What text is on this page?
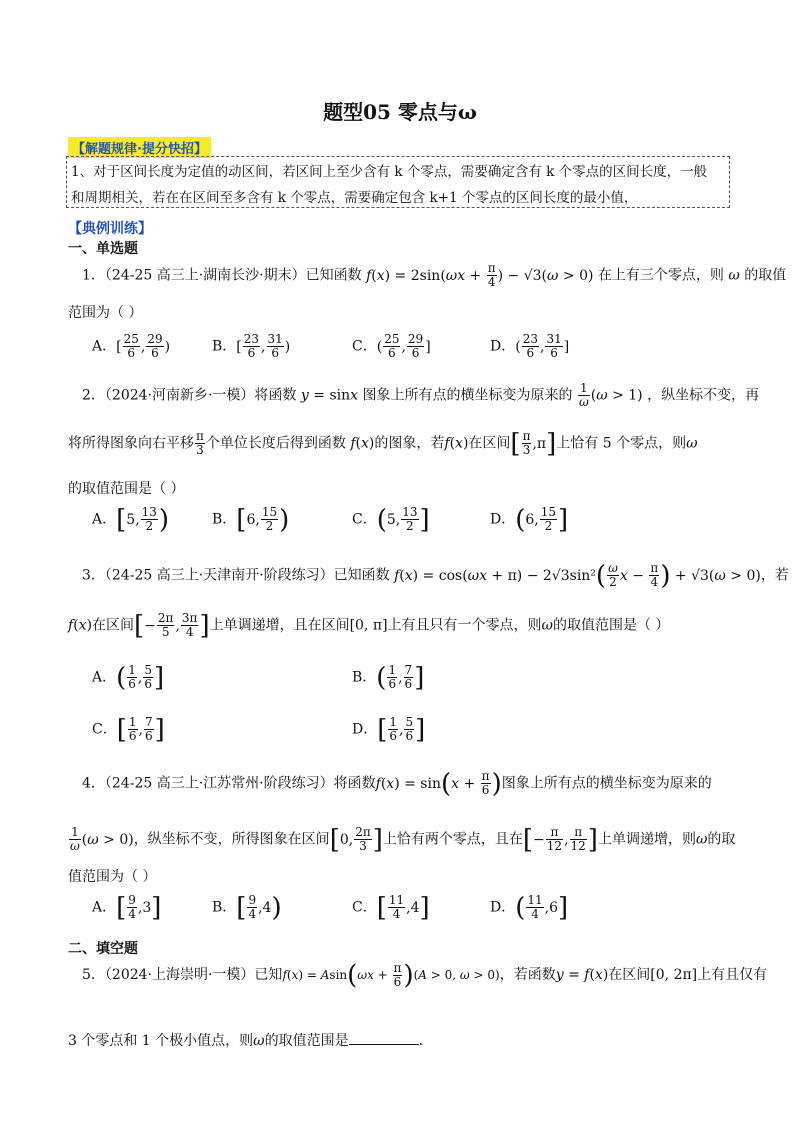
题型05 零点与ω
【解题规律·提分快招】
1、对于区间长度为定值的动区间，若区间上至少含有 k 个零点，需要确定含有 k 个零点的区间长度，一般
和周期相关，若在在区间至多含有 k 个零点，需要确定包含 k+1 个零点的区间长度的最小值，
【典例训练】
一、单选题
1．（24-25 高三上·湖南长沙·期末）已知函数 $f(x) = 2\sin(\omega x + \frac{\pi}{4}$ ) − √3(ω > 0) 在上有三个零点，则 ω 的取值
范围为（ ）
A．[ $\frac{25}{6}$ , $\frac{29}{6}$ )	B．[ $\frac{23}{6}$ , $\frac{31}{6}$ )	C．( $\frac{25}{6}$ , $\frac{29}{6}$ ]	D．( $\frac{23}{6}$ , $\frac{31}{6}$ ]
2．（2024·河南新乡·一模）将函数 y = sinx 图象上所有点的横坐标变为原来的 $\frac{1}{\omega} (\omega > 1)$ ，纵坐标不变，再
将所得图象向右平移 $\frac{\pi}{3}$ 个单位长度后得到函数 f(x)的图象，若f(x)在区间[ $\frac{\pi}{3} ,\pi$]上恰有 5 个零点，则ω
的取值范围是（ ）
A．[5, $\frac{13}{2}$ )	B．[6, $\frac{15}{2}$ )	C．(5, $\frac{13}{2}$ ]	D．(6, $\frac{15}{2}$ ]
3．（24-25 高三上·天津南开·阶段练习）已知函数 $f(x) = \cos(\omega x + \pi) - 2√3\sin^2( \frac{\omega}{2}$ $x - \frac{\pi}{4}$ ) + √3(ω > 0)，若
f(x)在区间[− $\frac{2\pi}{5}$ , $\frac{3\pi}{4}$ ]上单调递增，且在区间[0, π]上有且只有一个零点，则ω的取值范围是（ ）
A．( $\frac{1}{6}$ , $\frac{5}{6}$ ]	B．( $\frac{1}{6}$ , $\frac{7}{6}$ ]
C．[ $\frac{1}{6}$ , $\frac{7}{6}$ ]	D．[ $\frac{1}{6}$ , $\frac{5}{6}$ ]
4．（24-25 高三上·江苏常州·阶段练习）将函数$f(x) = \sin(x + \frac{\pi}{6}$ )图象上所有点的横坐标变为原来的
$\frac{1}{\omega} (\omega > 0)$，纵坐标不变，所得图象在区间[0, $\frac{2\pi}{3}$ ]上恰有两个零点，且在[− $\frac{\pi}{12}$ , $\frac{\pi}{12}$ ]上单调递增，则ω的取
值范围为（ ）
A．[ $\frac{9}{4} ,3$]	B．[ $\frac{9}{4} ,4$)	C．[ $\frac{11}{4} ,4$]	D．( $\frac{11}{4} ,6$]
二、填空题
5．（2024·上海崇明·一模）已知$f(x) = Asin(\omega x + \frac{\pi}{6} )(A > 0$, ω > 0)，若函数y = f(x)在区间[0, 2π]上有且仅有
3 个零点和 1 个极小值点，则ω的取值范围是	.
